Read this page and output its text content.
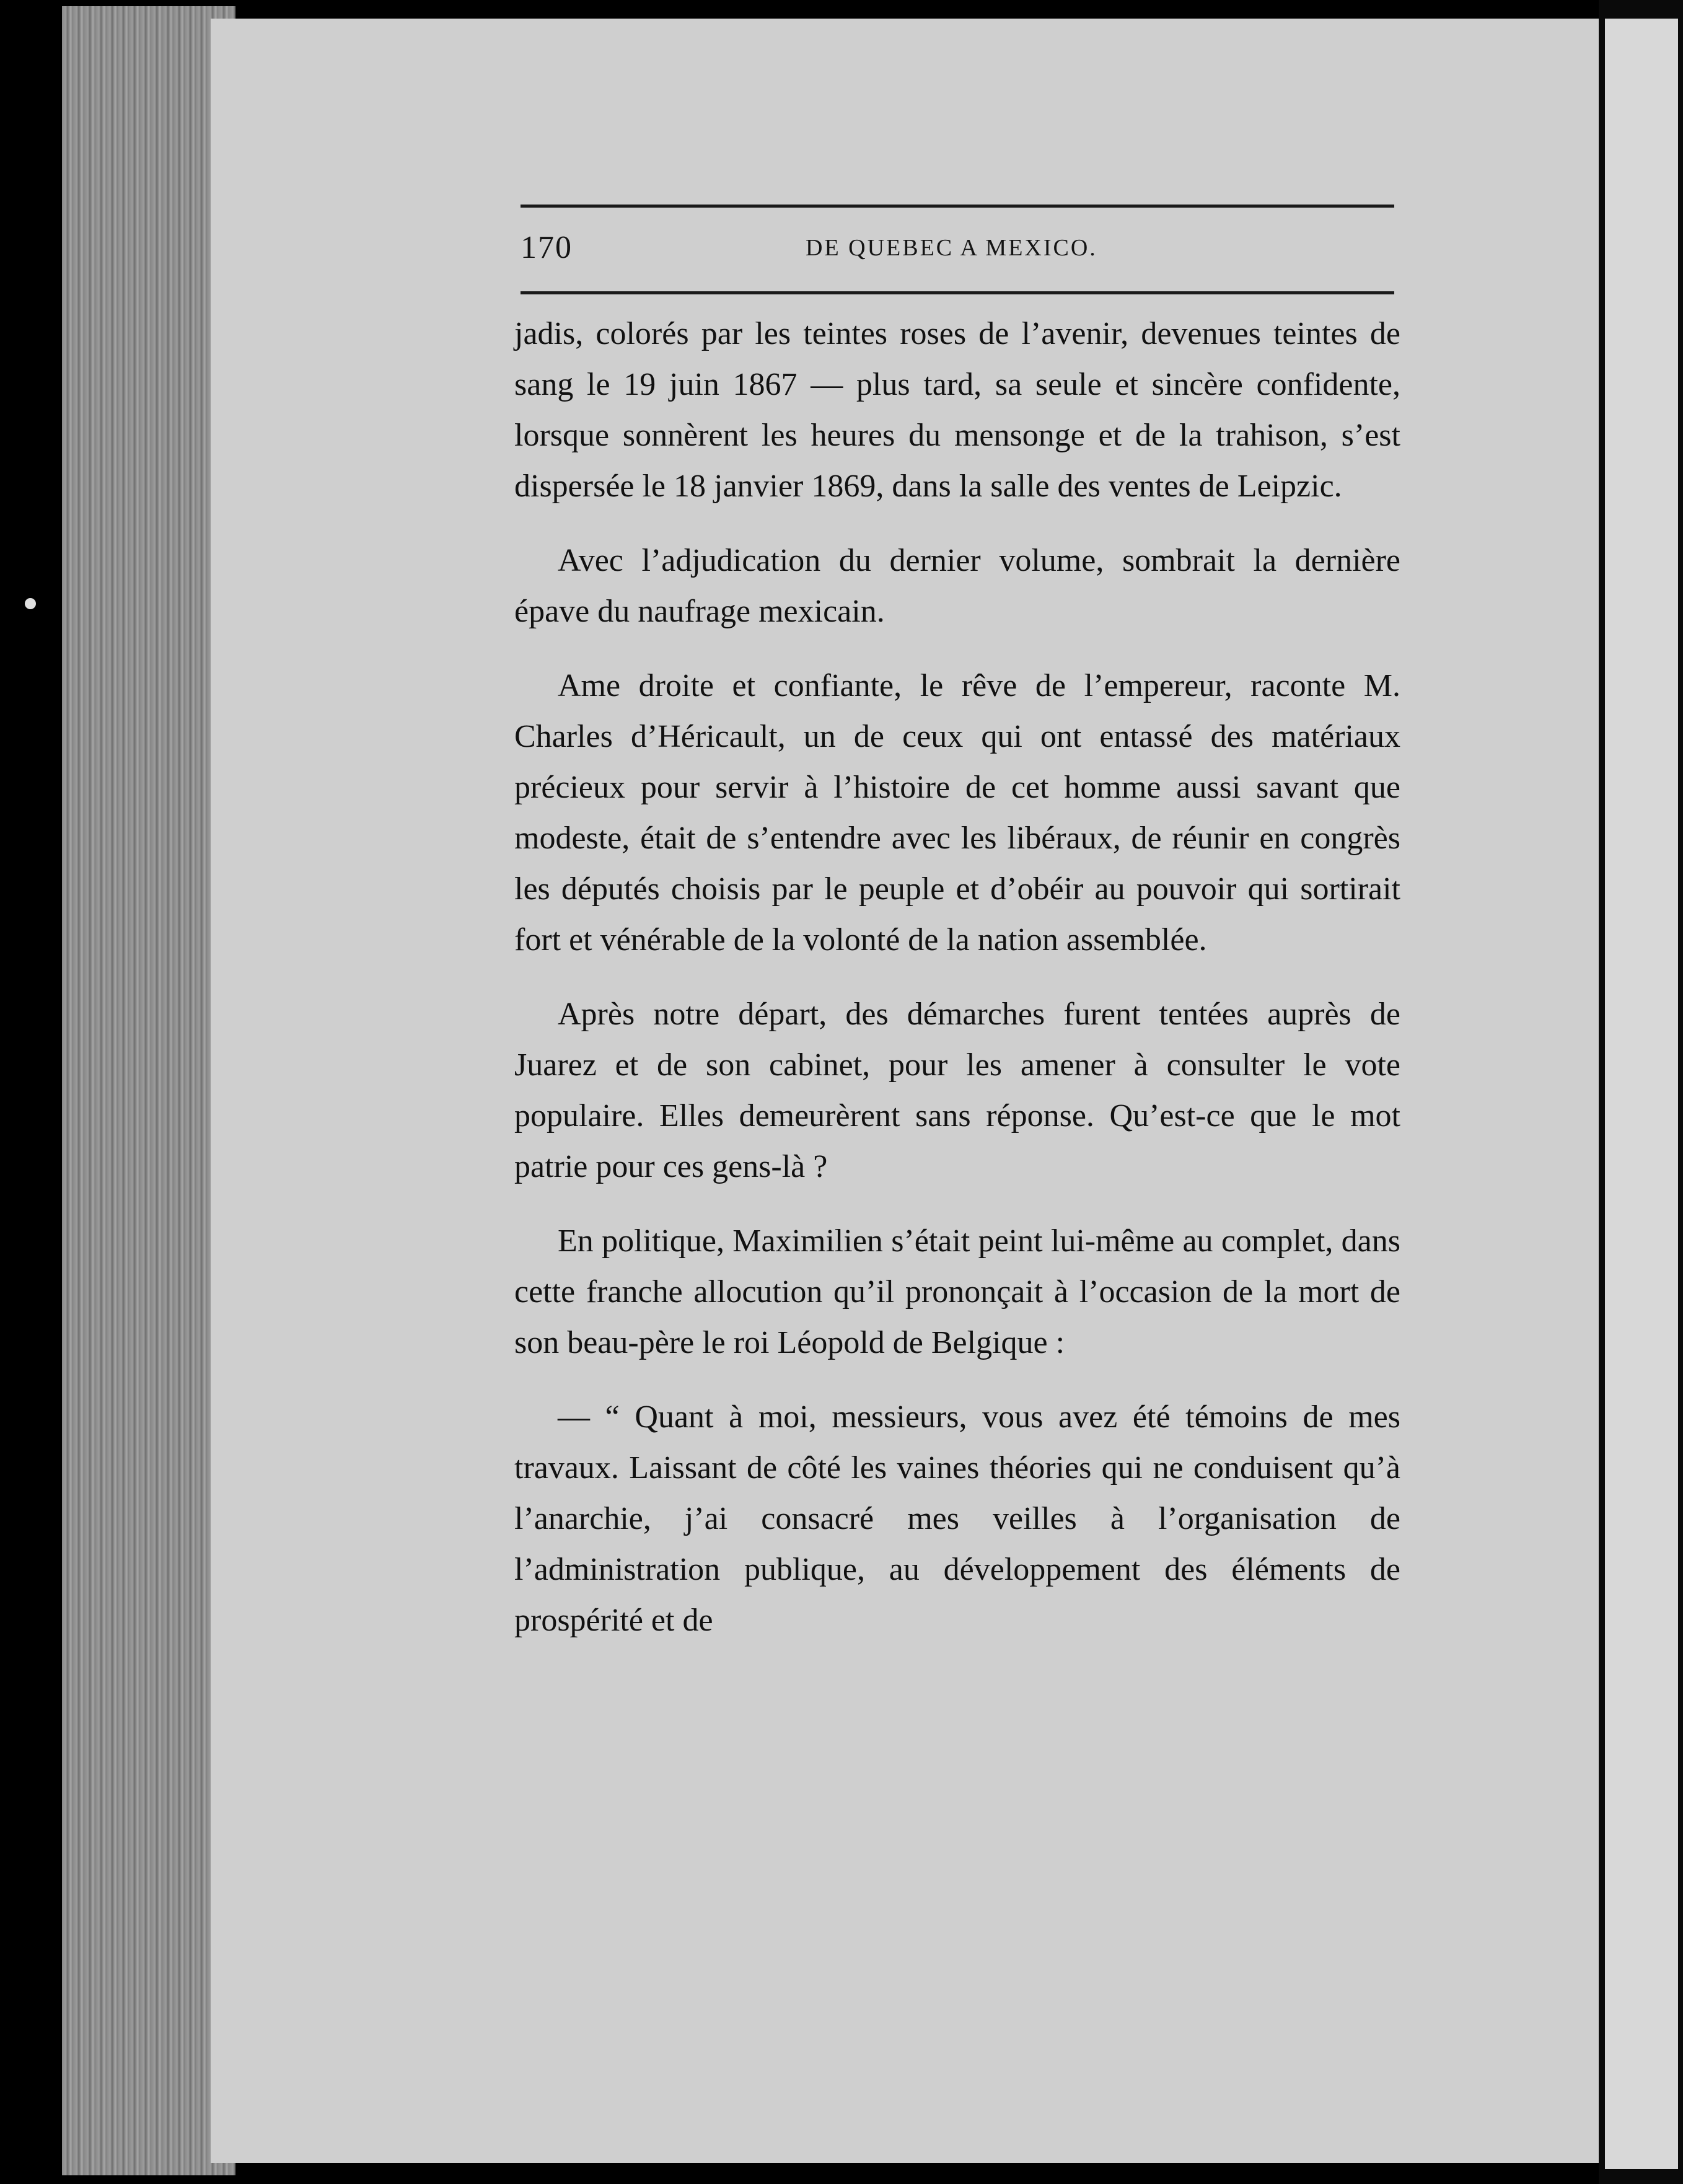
170	DE QUEBEC A MEXICO.

jadis, colorés par les teintes roses de l’avenir, devenues teintes de sang le 19 juin 1867 — plus tard, sa seule et sincère confidente, lorsque sonnèrent les heures du mensonge et de la trahison, s’est dispersée le 18 janvier 1869, dans la salle des ventes de Leipzic.

Avec l’adjudication du dernier volume, sombrait la dernière épave du naufrage mexicain.

Ame droite et confiante, le rêve de l’empereur, raconte M. Charles d’Héricault, un de ceux qui ont entassé des matériaux précieux pour servir à l’histoire de cet homme aussi savant que modeste, était de s’entendre avec les libéraux, de réunir en congrès les députés choisis par le peuple et d’obéir au pouvoir qui sortirait fort et vénérable de la volonté de la nation assemblée.

Après notre départ, des démarches furent tentées auprès de Juarez et de son cabinet, pour les amener à consulter le vote populaire. Elles demeurèrent sans réponse. Qu’est-ce que le mot patrie pour ces gens-là ?

En politique, Maximilien s’était peint lui-même au complet, dans cette franche allocution qu’il prononçait à l’occasion de la mort de son beau-père le roi Léopold de Belgique :

— “ Quant à moi, messieurs, vous avez été témoins de mes travaux. Laissant de côté les vaines théories qui ne conduisent qu’à l’anarchie, j’ai consacré mes veilles à l’organisation de l’administration publique, au développement des éléments de prospérité et de
